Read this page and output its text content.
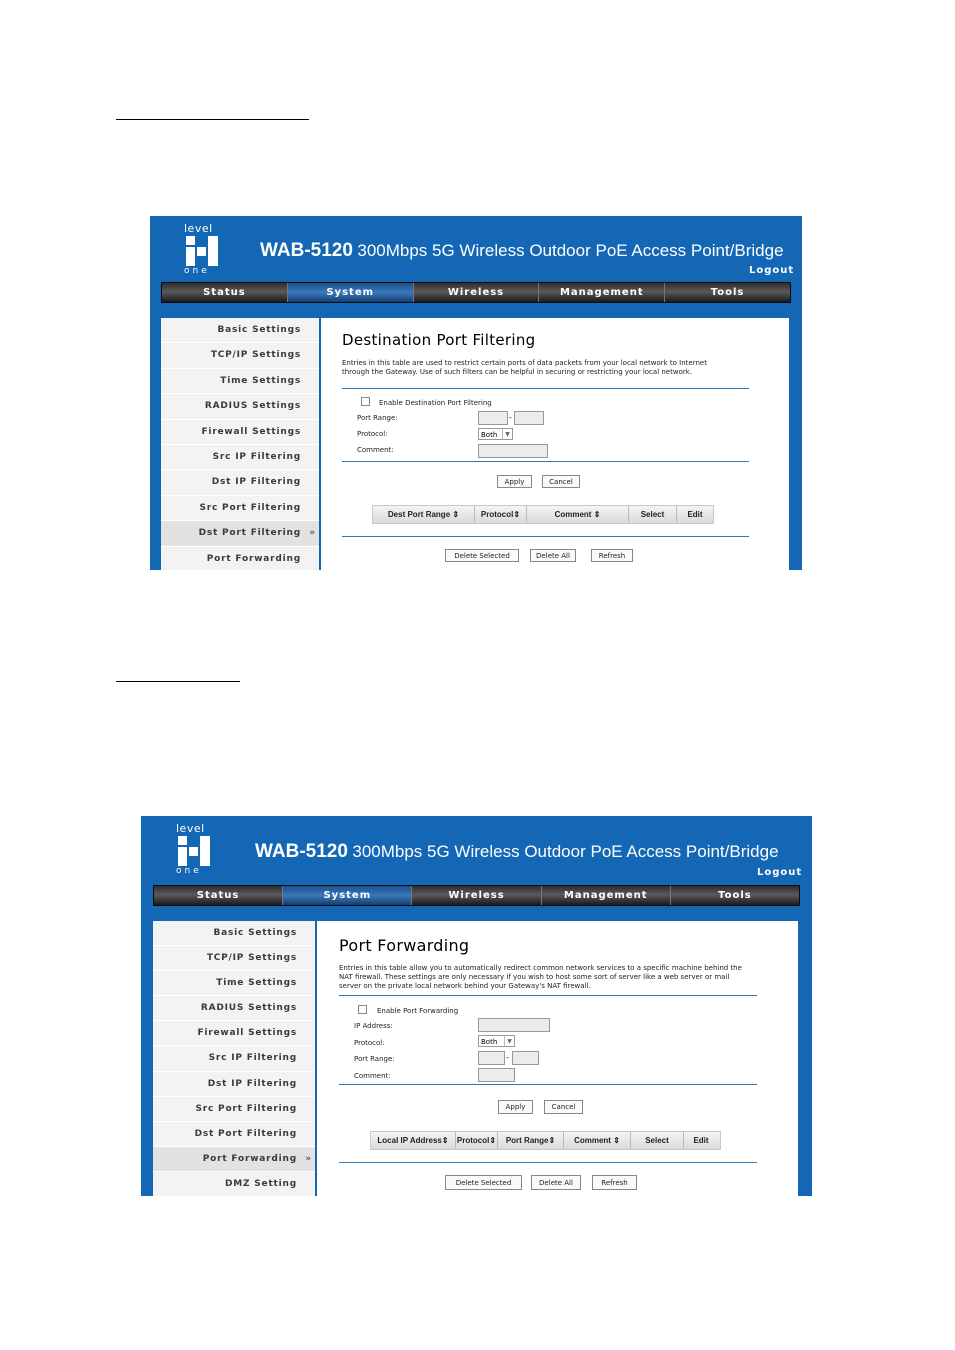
level
one
WAB-5120 300Mbps 5G Wireless Outdoor PoE Access Point/Bridge
Logout
Status	System	Wireless	Management	Tools
Basic Settings
TCP/IP Settings
Time Settings
RADIUS Settings
Firewall Settings
Src IP Filtering
Dst IP Filtering
Src Port Filtering
Dst Port Filtering »
Port Forwarding
Destination Port Filtering
Entries in this table are used to restrict certain ports of data packets from your local network to Internet through the Gateway. Use of such filters can be helpful in securing or restricting your local network.
Enable Destination Port Filtering
Port Range:	-
Protocol:	Both	▼
Comment:
Apply	Cancel
Dest Port Range ⇕	Protocol⇕	Comment ⇕	Select	Edit
Delete Selected	Delete All	Refresh
level
one
WAB-5120 300Mbps 5G Wireless Outdoor PoE Access Point/Bridge
Logout
Status	System	Wireless	Management	Tools
Basic Settings
TCP/IP Settings
Time Settings
RADIUS Settings
Firewall Settings
Src IP Filtering
Dst IP Filtering
Src Port Filtering
Dst Port Filtering
Port Forwarding »
DMZ Setting
Port Forwarding
Entries in this table allow you to automatically redirect common network services to a specific machine behind the NAT firewall. These settings are only necessary if you wish to host some sort of server like a web server or mail server on the private local network behind your Gateway's NAT firewall.
Enable Port Forwarding
IP Address:
Protocol:	Both	▼
Port Range:	-
Comment:
Apply	Cancel
Local IP Address⇕	Protocol⇕	Port Range⇕	Comment ⇕	Select	Edit
Delete Selected	Delete All	Refresh
